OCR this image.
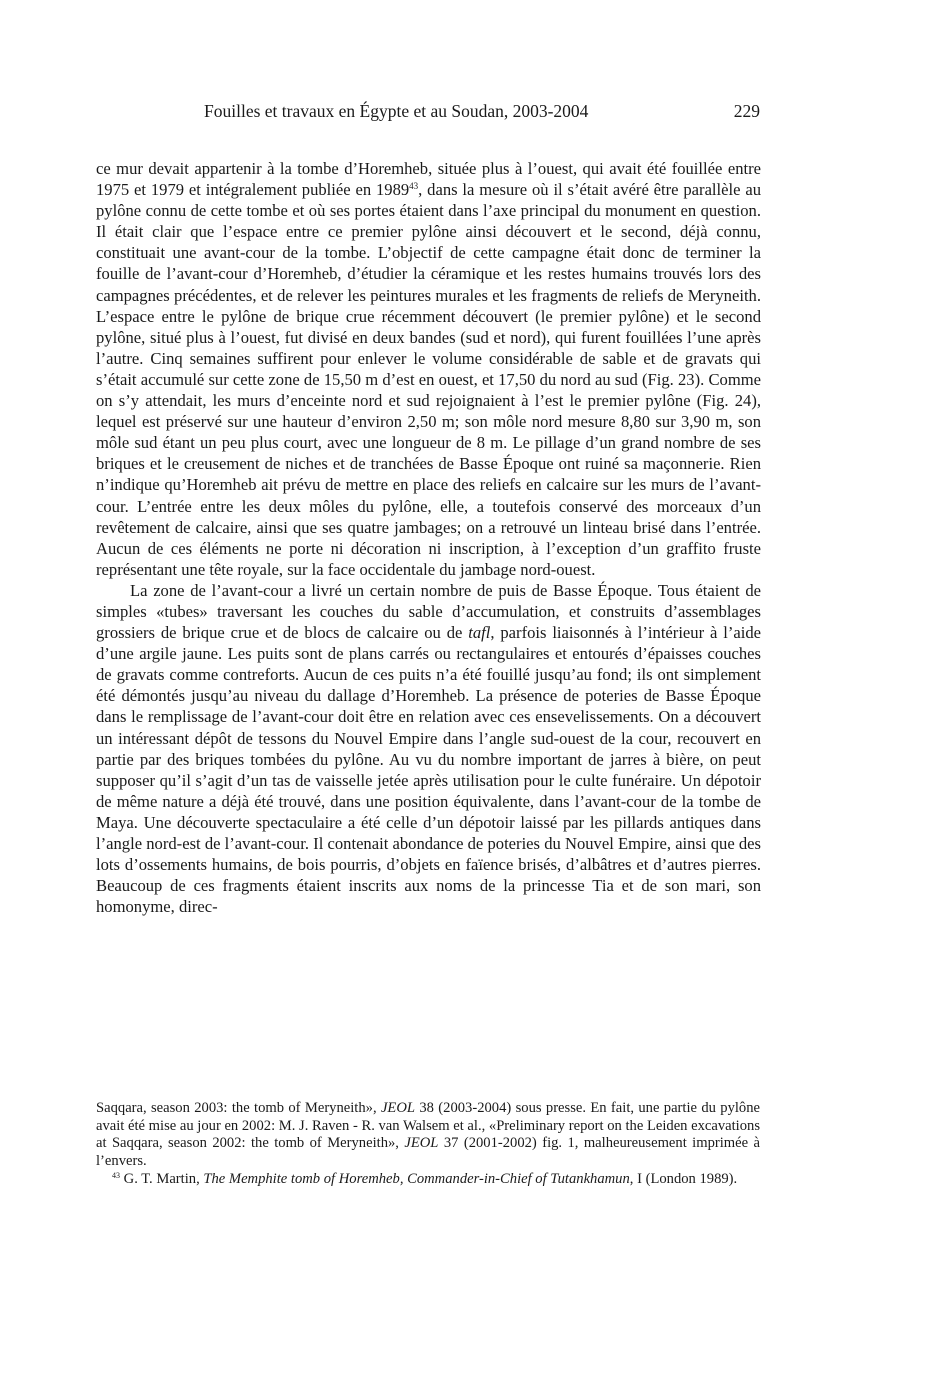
Fouilles et travaux en Égypte et au Soudan, 2003-2004	229

ce mur devait appartenir à la tombe d’Horemheb, située plus à l’ouest, qui avait été fouillée entre 1975 et 1979 et intégralement publiée en 1989$^{43}$, dans la mesure où il s’était avéré être parallèle au pylône connu de cette tombe et où ses portes étaient dans l’axe principal du monument en question. Il était clair que l’espace entre ce premier pylône ainsi découvert et le second, déjà connu, constituait une avant-cour de la tombe. L’objectif de cette campagne était donc de terminer la fouille de l’avant-cour d’Horemheb, d’étudier la céramique et les restes humains trouvés lors des campagnes précédentes, et de relever les peintures murales et les fragments de reliefs de Meryneith. L’espace entre le pylône de brique crue récemment découvert (le premier pylône) et le second pylône, situé plus à l’ouest, fut divisé en deux bandes (sud et nord), qui furent fouillées l’une après l’autre. Cinq semaines suffirent pour enlever le volume considérable de sable et de gravats qui s’était accumulé sur cette zone de 15,50 m d’est en ouest, et 17,50 du nord au sud (Fig. 23). Comme on s’y attendait, les murs d’enceinte nord et sud rejoignaient à l’est le premier pylône (Fig. 24), lequel est préservé sur une hauteur d’environ 2,50 m; son môle nord mesure 8,80 sur 3,90 m, son môle sud étant un peu plus court, avec une longueur de 8 m. Le pillage d’un grand nombre de ses briques et le creusement de niches et de tranchées de Basse Époque ont ruiné sa maçonnerie. Rien n’indique qu’Horemheb ait prévu de mettre en place des reliefs en calcaire sur les murs de l’avant-cour. L’entrée entre les deux môles du pylône, elle, a toutefois conservé des morceaux d’un revêtement de calcaire, ainsi que ses quatre jambages; on a retrouvé un linteau brisé dans l’entrée. Aucun de ces éléments ne porte ni décoration ni inscription, à l’exception d’un graffito fruste représentant une tête royale, sur la face occidentale du jambage nord-ouest.

La zone de l’avant-cour a livré un certain nombre de puis de Basse Époque. Tous étaient de simples «tubes» traversant les couches du sable d’accumulation, et construits d’assemblages grossiers de brique crue et de blocs de calcaire ou de tafl, parfois liaisonnés à l’intérieur à l’aide d’une argile jaune. Les puits sont de plans carrés ou rectangulaires et entourés d’épaisses couches de gravats comme contreforts. Aucun de ces puits n’a été fouillé jusqu’au fond; ils ont simplement été démontés jusqu’au niveau du dallage d’Horemheb. La présence de poteries de Basse Époque dans le remplissage de l’avant-cour doit être en relation avec ces ensevelissements. On a découvert un intéressant dépôt de tessons du Nouvel Empire dans l’angle sud-ouest de la cour, recouvert en partie par des briques tombées du pylône. Au vu du nombre important de jarres à bière, on peut supposer qu’il s’agit d’un tas de vaisselle jetée après utilisation pour le culte funéraire. Un dépotoir de même nature a déjà été trouvé, dans une position équivalente, dans l’avant-cour de la tombe de Maya. Une découverte spectaculaire a été celle d’un dépotoir laissé par les pillards antiques dans l’angle nord-est de l’avant-cour. Il contenait abondance de poteries du Nouvel Empire, ainsi que des lots d’ossements humains, de bois pourris, d’objets en faïence brisés, d’albâtres et d’autres pierres. Beaucoup de ces fragments étaient inscrits aux noms de la princesse Tia et de son mari, son homonyme, direc-

Saqqara, season 2003: the tomb of Meryneith», JEOL 38 (2003-2004) sous presse. En fait, une partie du pylône avait été mise au jour en 2002: M. J. Raven - R. van Walsem et al., «Preliminary report on the Leiden excavations at Saqqara, season 2002: the tomb of Meryneith», JEOL 37 (2001-2002) fig. 1, malheureusement imprimée à l’envers.

$^{43}$ G. T. Martin, The Memphite tomb of Horemheb, Commander-in-Chief of Tutankhamun, I (London 1989).
